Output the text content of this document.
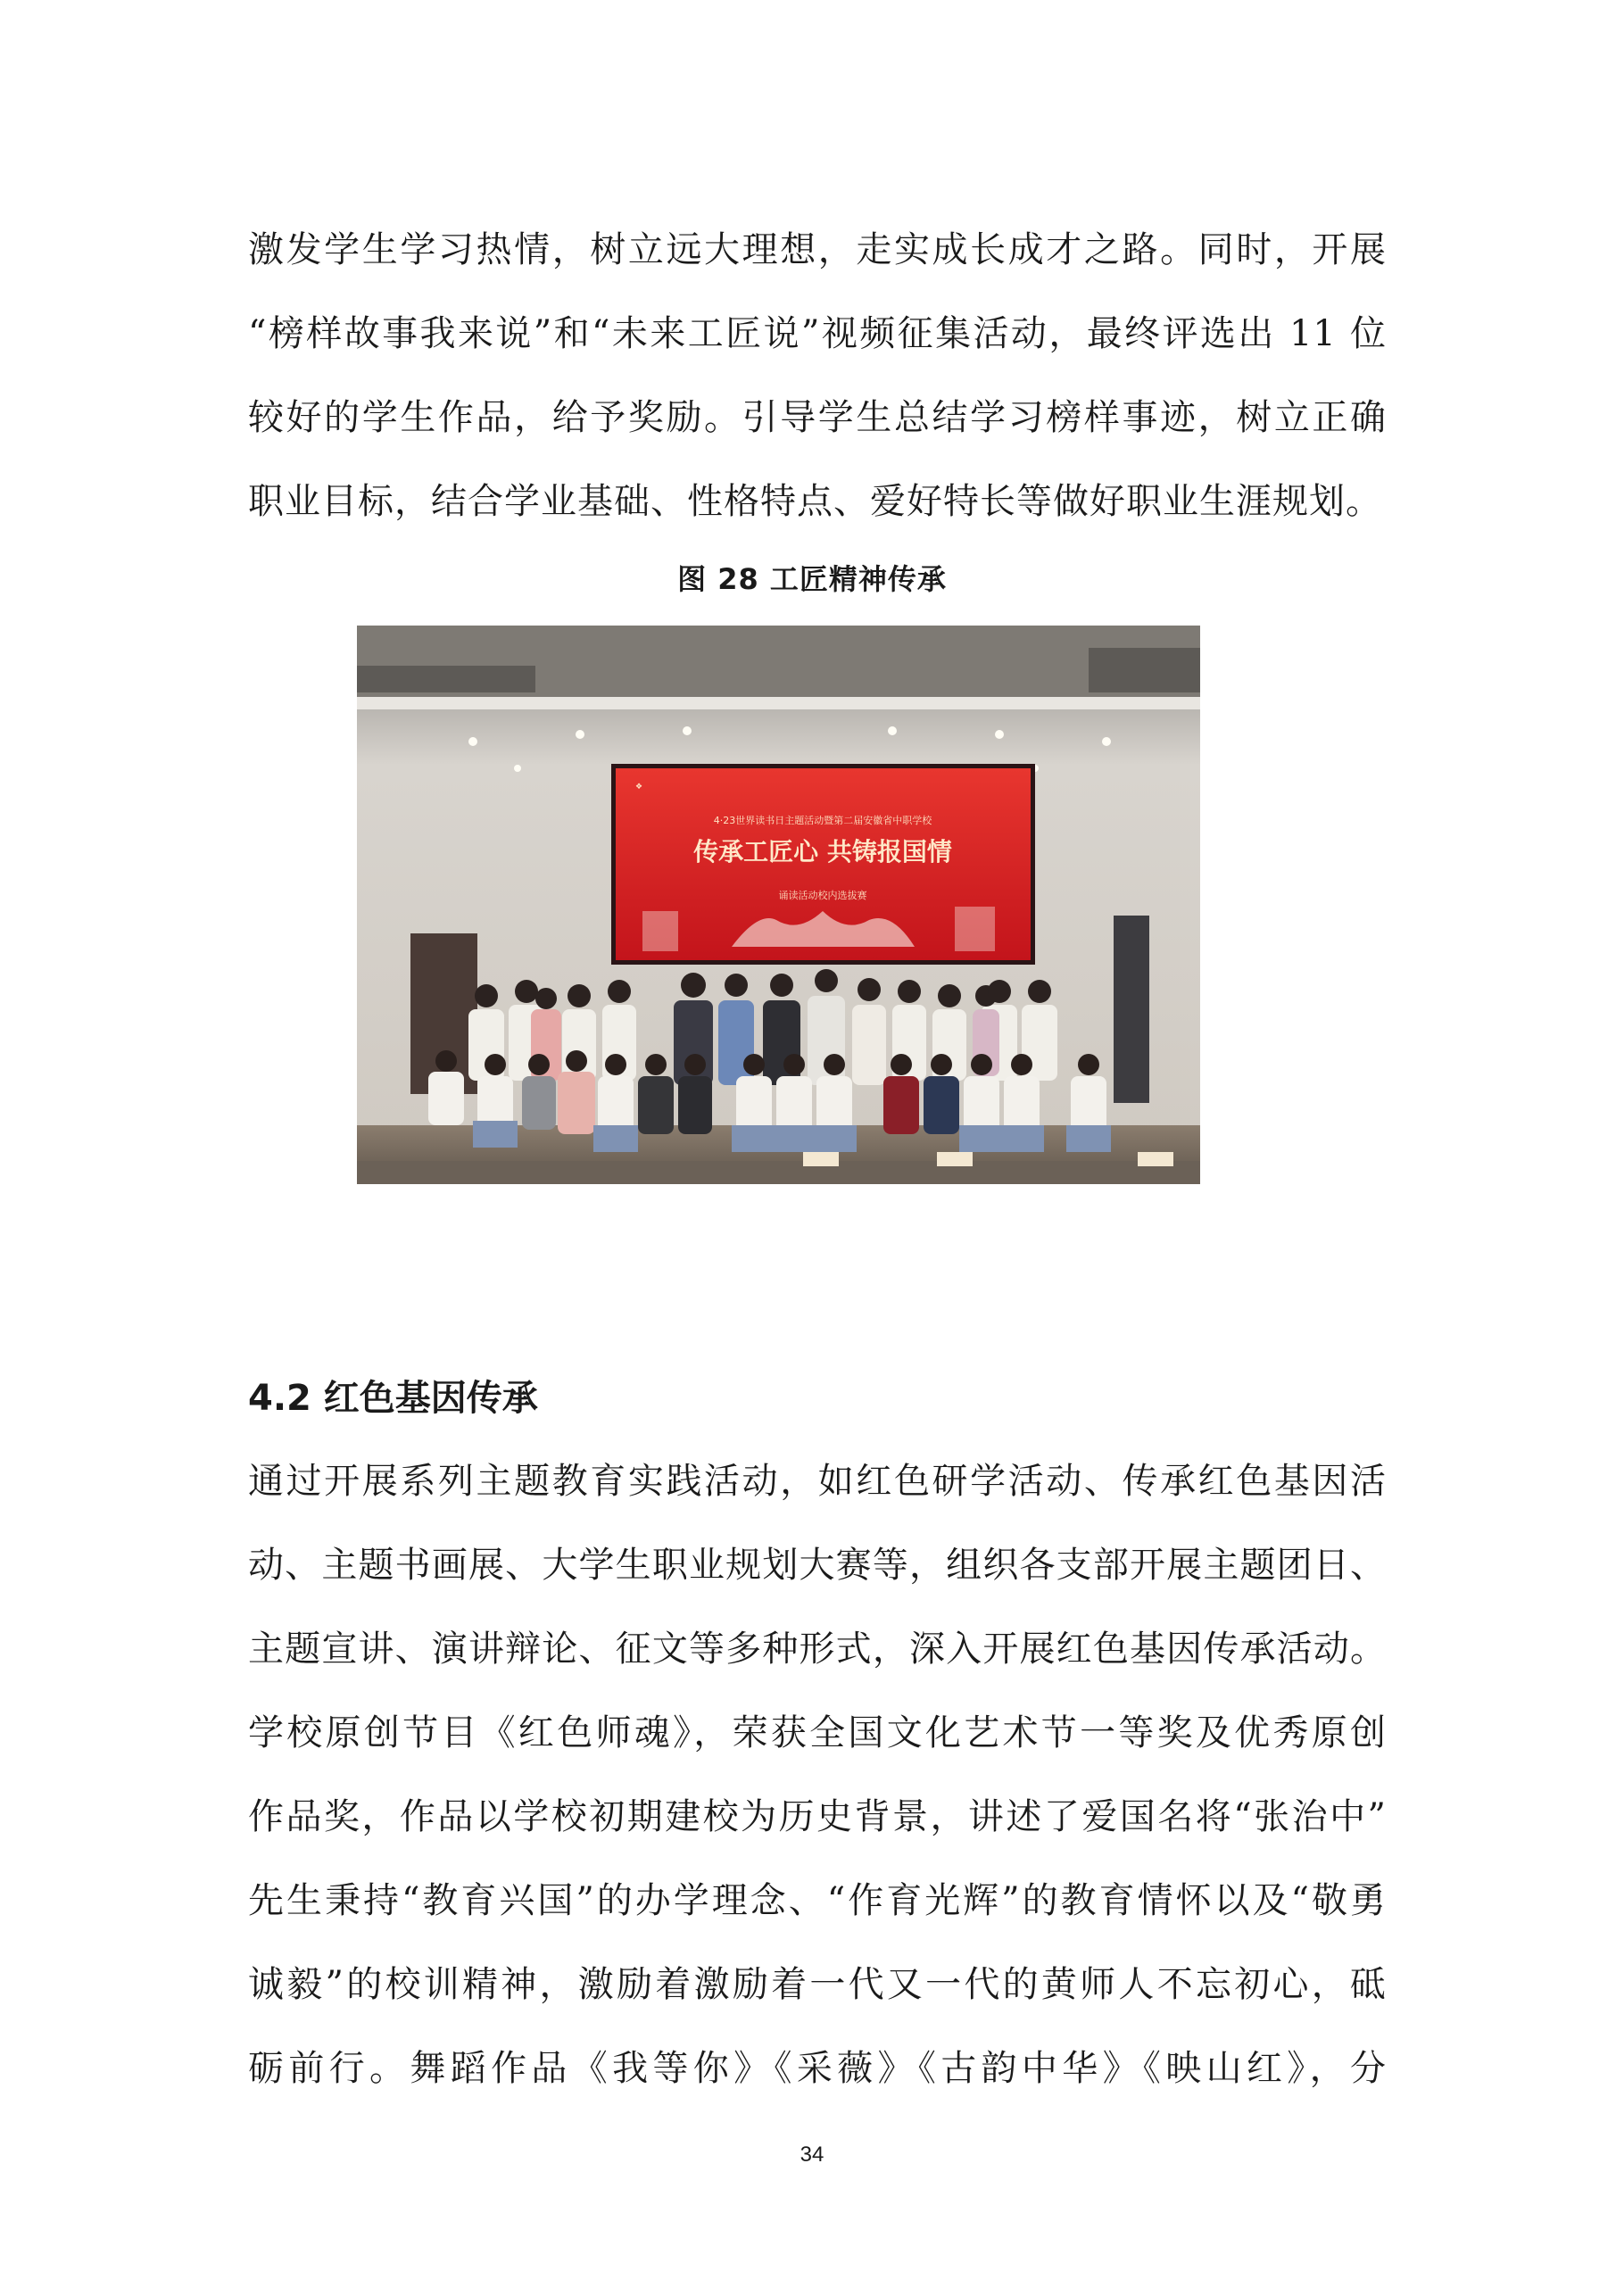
激发学生学习热情，树立远大理想，走实成长成才之路。同时，开展
“榜样故事我来说”和“未来工匠说”视频征集活动，最终评选出 11 位
较好的学生作品，给予奖励。引导学生总结学习榜样事迹，树立正确
职业目标，结合学业基础、性格特点、爱好特长等做好职业生涯规划。
图 28 工匠精神传承
❖
4·23世界读书日主题活动暨第二届安徽省中职学校
传承工匠心 共铸报国情
诵读活动校内选拔赛
4.2 红色基因传承
通过开展系列主题教育实践活动，如红色研学活动、传承红色基因活
动、主题书画展、大学生职业规划大赛等，组织各支部开展主题团日、
主题宣讲、演讲辩论、征文等多种形式，深入开展红色基因传承活动。
学校原创节目《红色师魂》，荣获全国文化艺术节一等奖及优秀原创
作品奖，作品以学校初期建校为历史背景，讲述了爱国名将“张治中”
先生秉持“教育兴国”的办学理念、“作育光辉”的教育情怀以及“敬勇
诚毅”的校训精神，激励着激励着一代又一代的黄师人不忘初心，砥
砺前行。舞蹈作品《我等你》《采薇》《古韵中华》《映山红》，分
34
